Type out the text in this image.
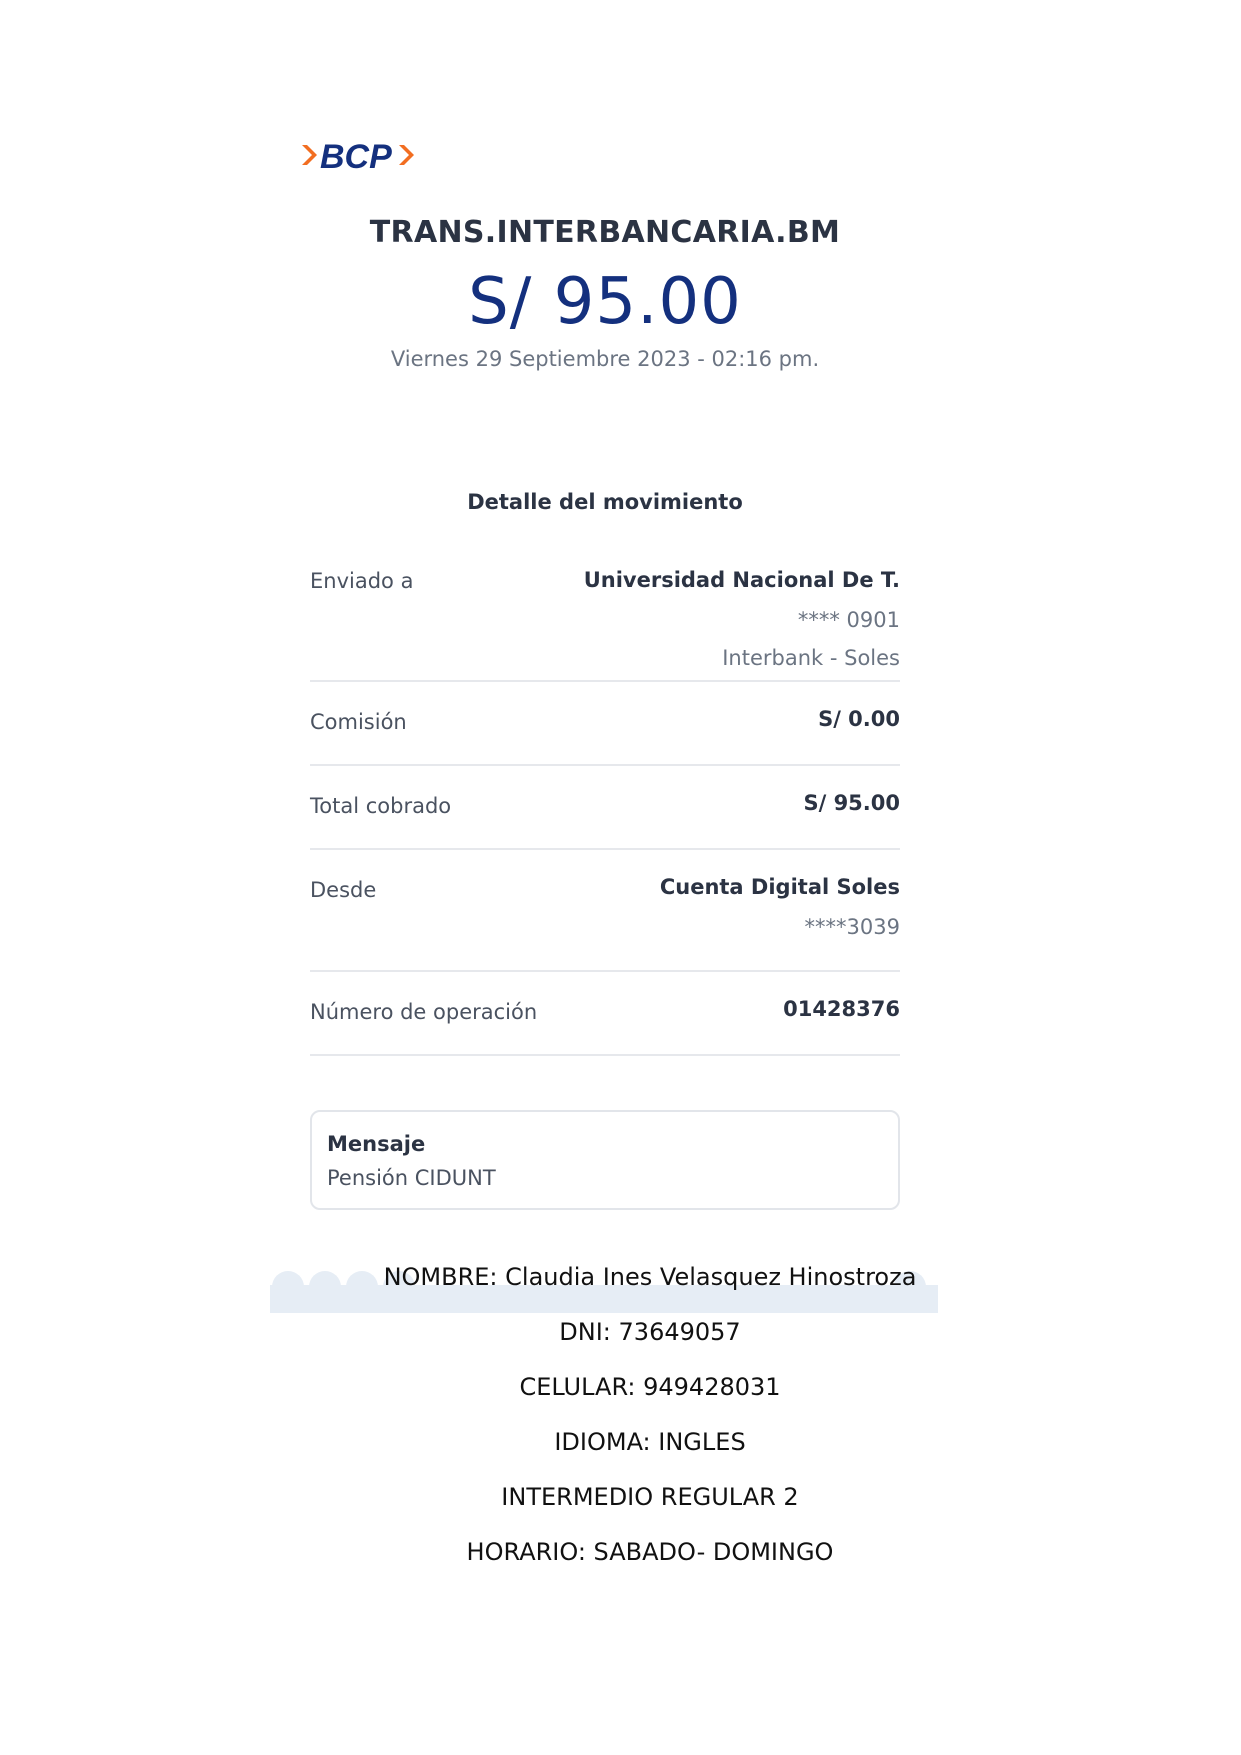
BCP
TRANS.INTERBANCARIA.BM
S/ 95.00
Viernes 29 Septiembre 2023 - 02:16 pm.
Detalle del movimiento
Enviado a	Universidad Nacional De T.
**** 0901
Interbank - Soles
Comisión	S/ 0.00
Total cobrado	S/ 95.00
Desde	Cuenta Digital Soles
****3039
Número de operación	01428376
Mensaje
Pensión CIDUNT
NOMBRE: Claudia Ines Velasquez Hinostroza
DNI: 73649057
CELULAR: 949428031
IDIOMA: INGLES
INTERMEDIO REGULAR 2
HORARIO: SABADO- DOMINGO
